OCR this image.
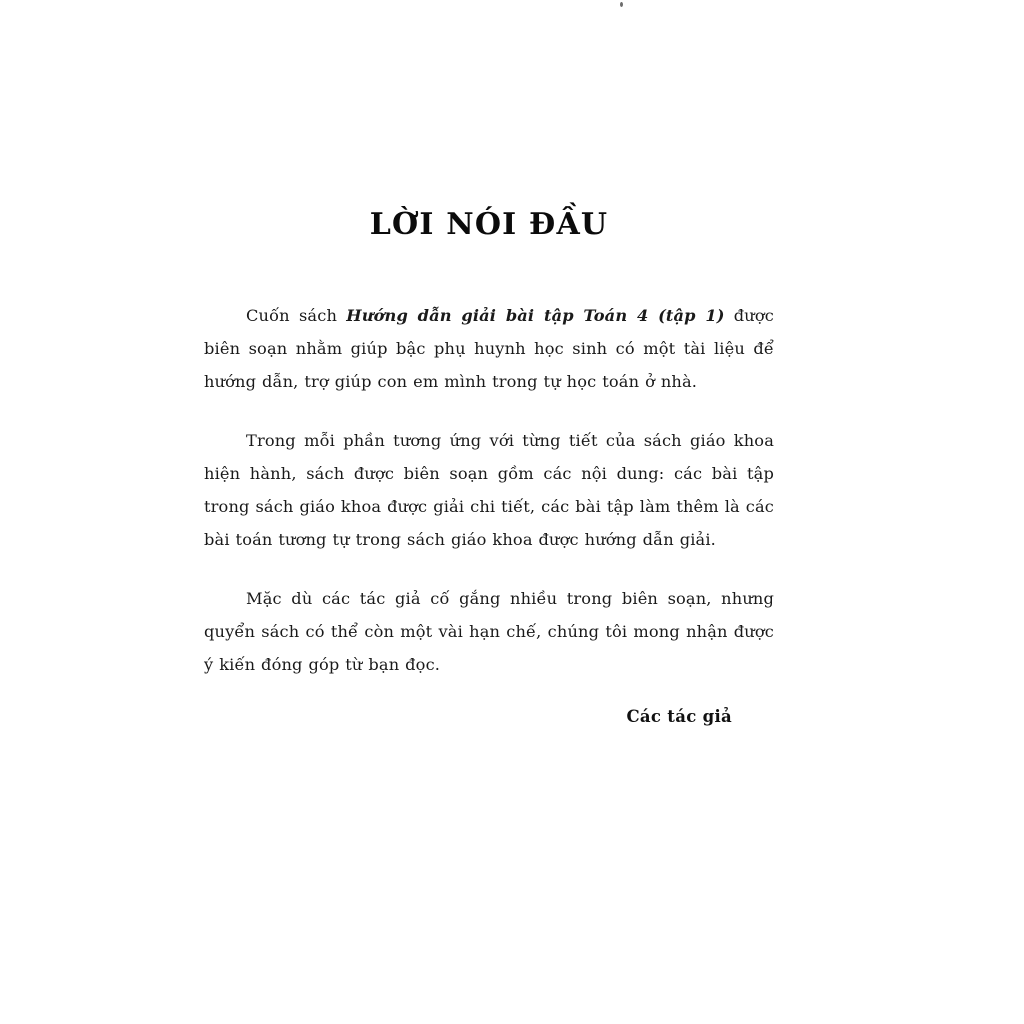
LỜI NÓI ĐẦU

Cuốn sách Hướng dẫn giải bài tập Toán 4 (tập 1) được biên soạn nhằm giúp bậc phụ huynh học sinh có một tài liệu để hướng dẫn, trợ giúp con em mình trong tự học toán ở nhà.

Trong mỗi phần tương ứng với từng tiết của sách giáo khoa hiện hành, sách được biên soạn gồm các nội dung: các bài tập trong sách giáo khoa được giải chi tiết, các bài tập làm thêm là các bài toán tương tự trong sách giáo khoa được hướng dẫn giải.

Mặc dù các tác giả cố gắng nhiều trong biên soạn, nhưng quyển sách có thể còn một vài hạn chế, chúng tôi mong nhận được ý kiến đóng góp từ bạn đọc.

Các tác giả
